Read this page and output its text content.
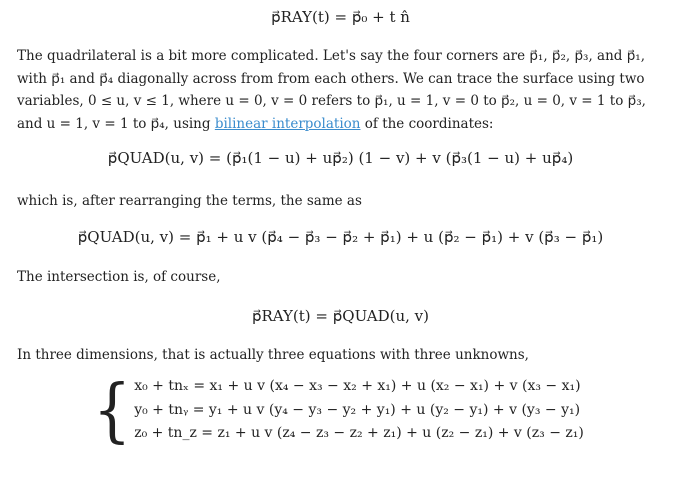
p⃗RAY(t) = p⃗₀ + t n̂
The quadrilateral is a bit more complicated. Let's say the four corners are p⃗₁, p⃗₂, p⃗₃, and p⃗₁, with p⃗₁ and p⃗₄ diagonally across from from each others. We can trace the surface using two variables, 0 ≤ u, v ≤ 1, where u = 0, v = 0 refers to p⃗₁, u = 1, v = 0 to p⃗₂, u = 0, v = 1 to p⃗₃, and u = 1, v = 1 to p⃗₄, using bilinear interpolation of the coordinates:
p⃗QUAD(u, v) = (p⃗₁(1 − u) + up⃗₂) (1 − v) + v (p⃗₃(1 − u) + up⃗₄)
which is, after rearranging the terms, the same as
p⃗QUAD(u, v) = p⃗₁ + u v (p⃗₄ − p⃗₃ − p⃗₂ + p⃗₁) + u (p⃗₂ − p⃗₁) + v (p⃗₃ − p⃗₁)
The intersection is, of course,
p⃗RAY(t) = p⃗QUAD(u, v)
In three dimensions, that is actually three equations with three unknowns,
{ x₀ + tnₓ = x₁ + u v (x₄ − x₃ − x₂ + x₁) + u (x₂ − x₁) + v (x₃ − x₁)
y₀ + tnᵧ = y₁ + u v (y₄ − y₃ − y₂ + y₁) + u (y₂ − y₁) + v (y₃ − y₁)
z₀ + tn_z = z₁ + u v (z₄ − z₃ − z₂ + z₁) + u (z₂ − z₁) + v (z₃ − z₁)
